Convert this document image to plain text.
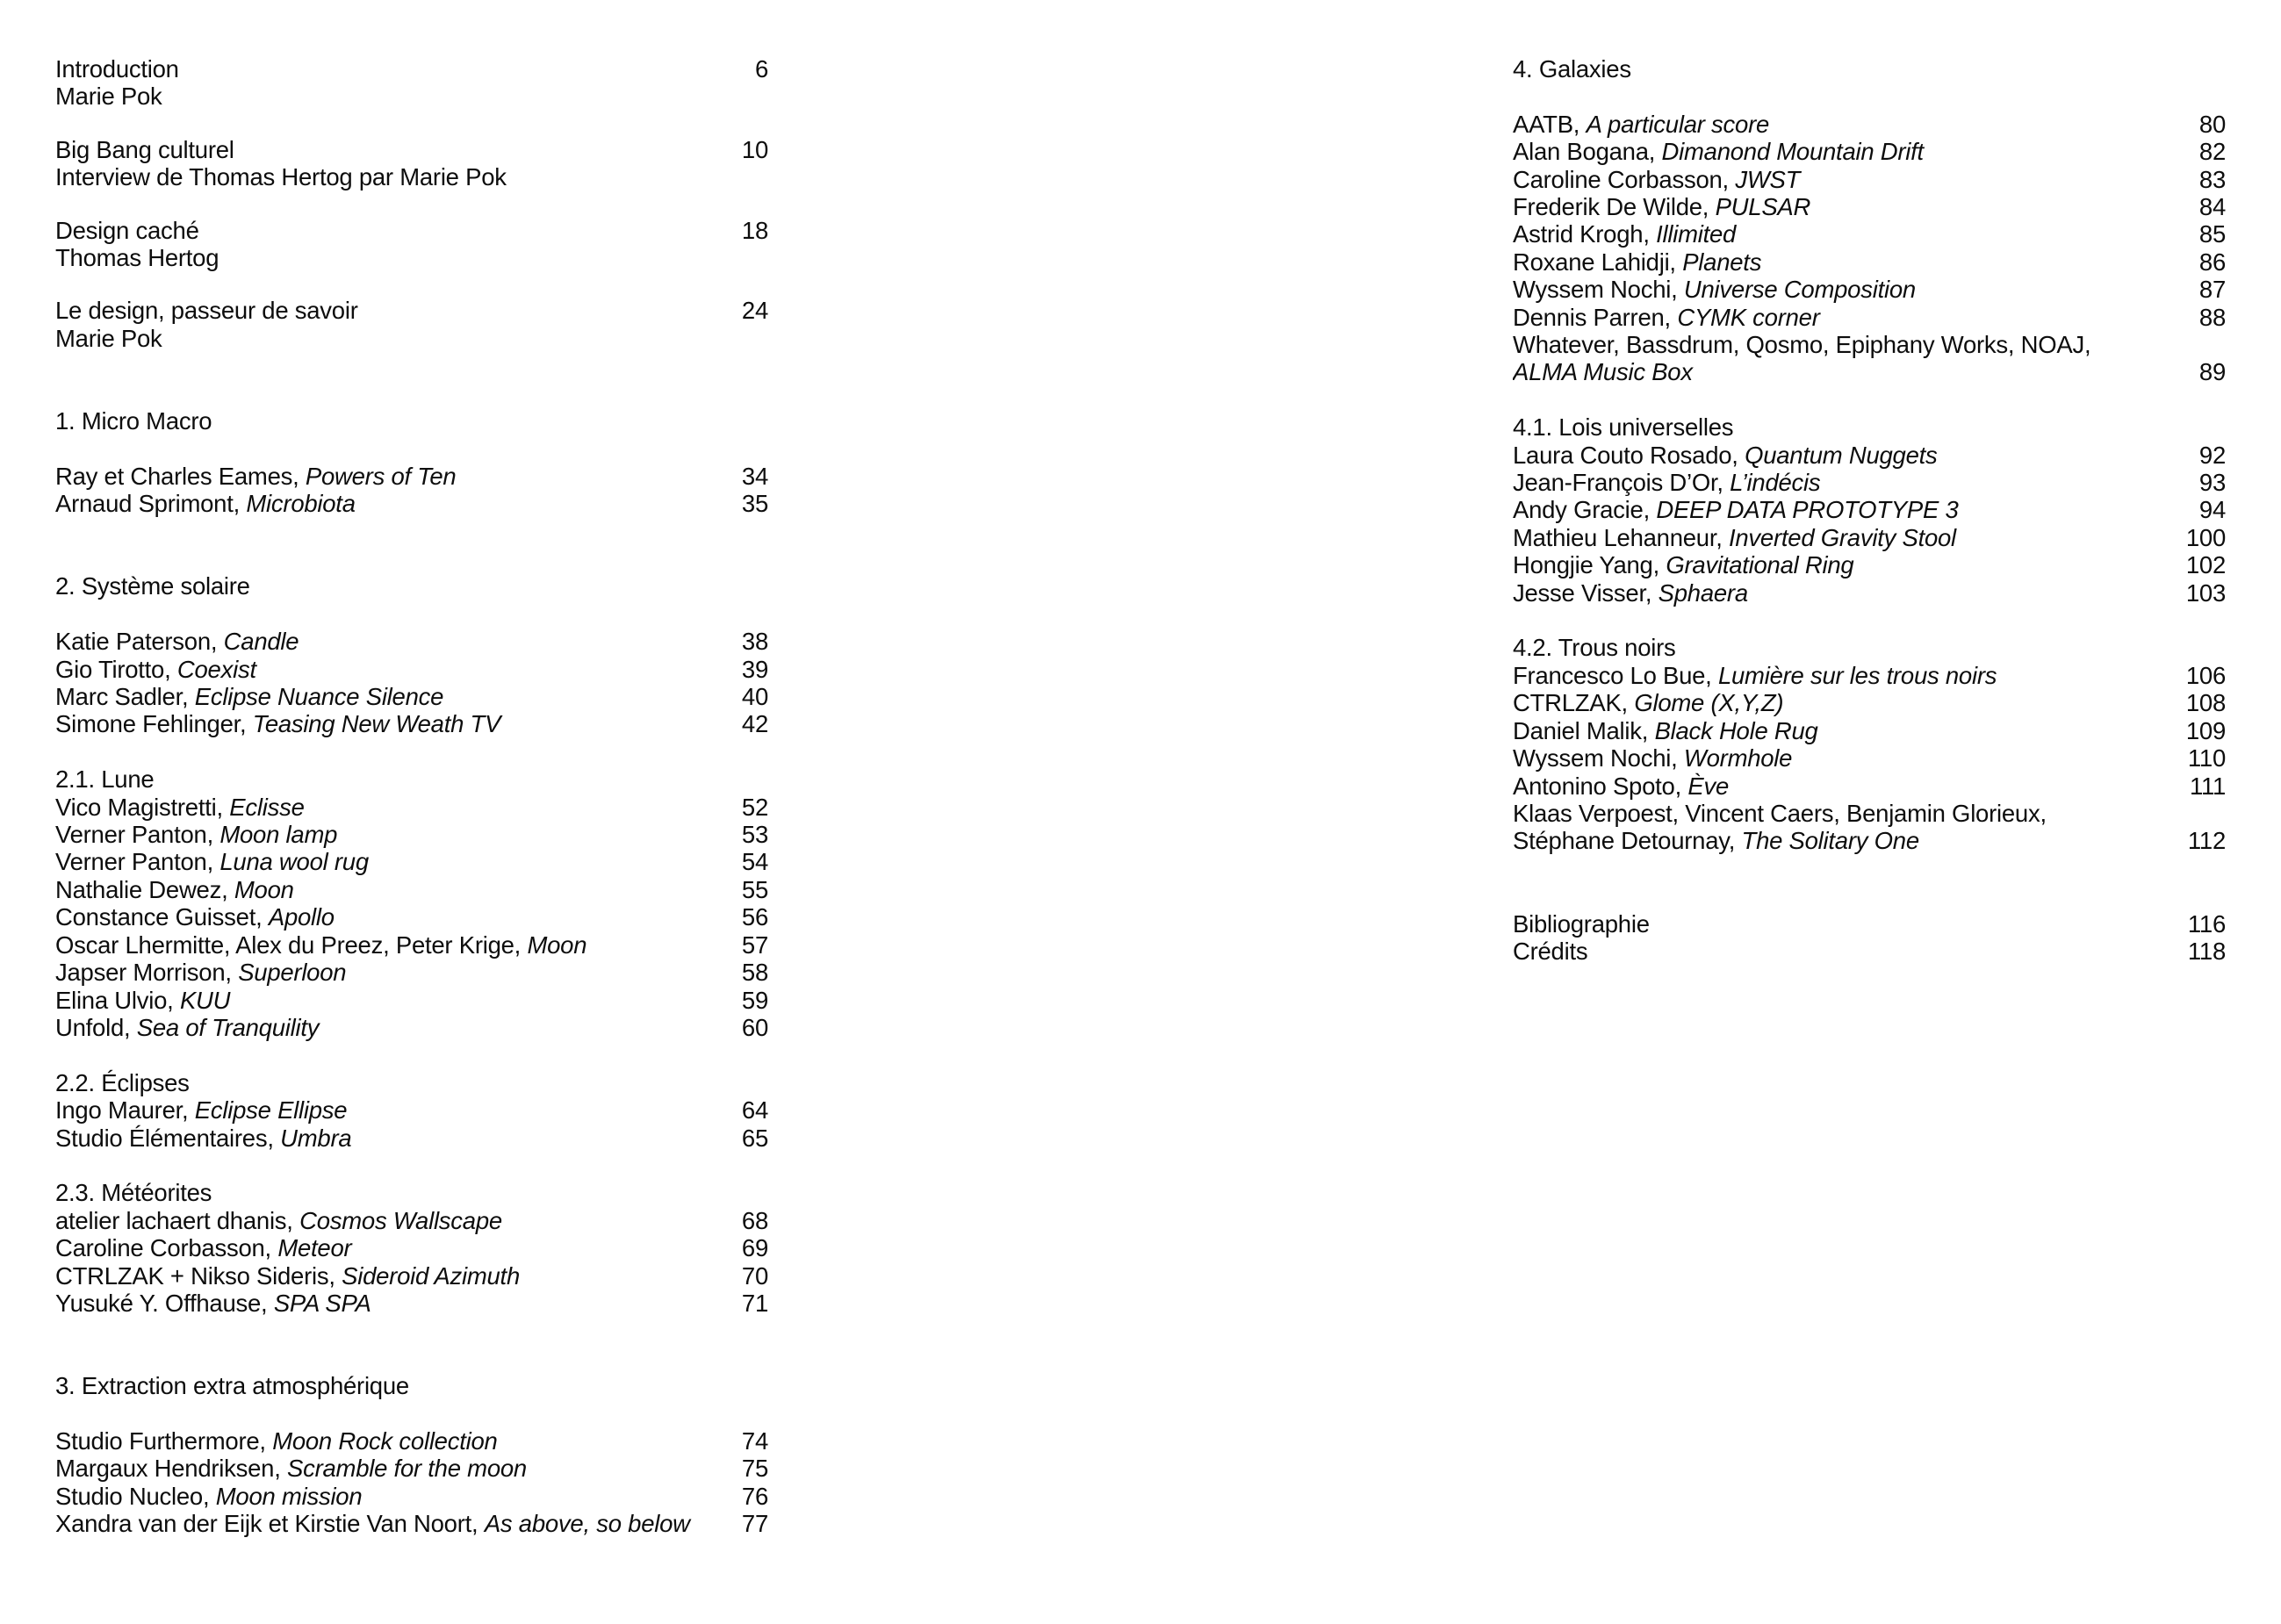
Introduction	6
Marie Pok
Big Bang culturel	10
Interview de Thomas Hertog par Marie Pok
Design caché	18
Thomas Hertog
Le design, passeur de savoir	24
Marie Pok
1. Micro Macro
Ray et Charles Eames, Powers of Ten	34
Arnaud Sprimont, Microbiota	35
2. Système solaire
Katie Paterson, Candle	38
Gio Tirotto, Coexist	39
Marc Sadler, Eclipse Nuance Silence	40
Simone Fehlinger, Teasing New Weath TV	42
2.1. Lune
Vico Magistretti, Eclisse	52
Verner Panton, Moon lamp	53
Verner Panton, Luna wool rug	54
Nathalie Dewez, Moon	55
Constance Guisset, Apollo	56
Oscar Lhermitte, Alex du Preez, Peter Krige, Moon	57
Japser Morrison, Superloon	58
Elina Ulvio, KUU	59
Unfold, Sea of Tranquility	60
2.2. Éclipses
Ingo Maurer, Eclipse Ellipse	64
Studio Élémentaires, Umbra	65
2.3. Météorites
atelier lachaert dhanis, Cosmos Wallscape	68
Caroline Corbasson, Meteor	69
CTRLZAK + Nikso Sideris, Sideroid Azimuth	70
Yusuké Y. Offhause, SPA SPA	71
3. Extraction extra atmosphérique
Studio Furthermore, Moon Rock collection	74
Margaux Hendriksen, Scramble for the moon	75
Studio Nucleo, Moon mission	76
Xandra van der Eijk et Kirstie Van Noort, As above, so below	77
4. Galaxies
AATB, A particular score	80
Alan Bogana, Dimanond Mountain Drift	82
Caroline Corbasson, JWST	83
Frederik De Wilde, PULSAR	84
Astrid Krogh, Illimited	85
Roxane Lahidji, Planets	86
Wyssem Nochi, Universe Composition	87
Dennis Parren, CYMK corner	88
Whatever, Bassdrum, Qosmo, Epiphany Works, NOAJ,
ALMA Music Box	89
4.1. Lois universelles
Laura Couto Rosado, Quantum Nuggets	92
Jean-François D’Or, L’indécis	93
Andy Gracie, DEEP DATA PROTOTYPE 3	94
Mathieu Lehanneur, Inverted Gravity Stool	100
Hongjie Yang, Gravitational Ring	102
Jesse Visser, Sphaera	103
4.2. Trous noirs
Francesco Lo Bue, Lumière sur les trous noirs	106
CTRLZAK, Glome (X,Y,Z)	108
Daniel Malik, Black Hole Rug	109
Wyssem Nochi, Wormhole	110
Antonino Spoto, Ève	111
Klaas Verpoest, Vincent Caers, Benjamin Glorieux,
Stéphane Detournay, The Solitary One	112
Bibliographie	116
Crédits	118
